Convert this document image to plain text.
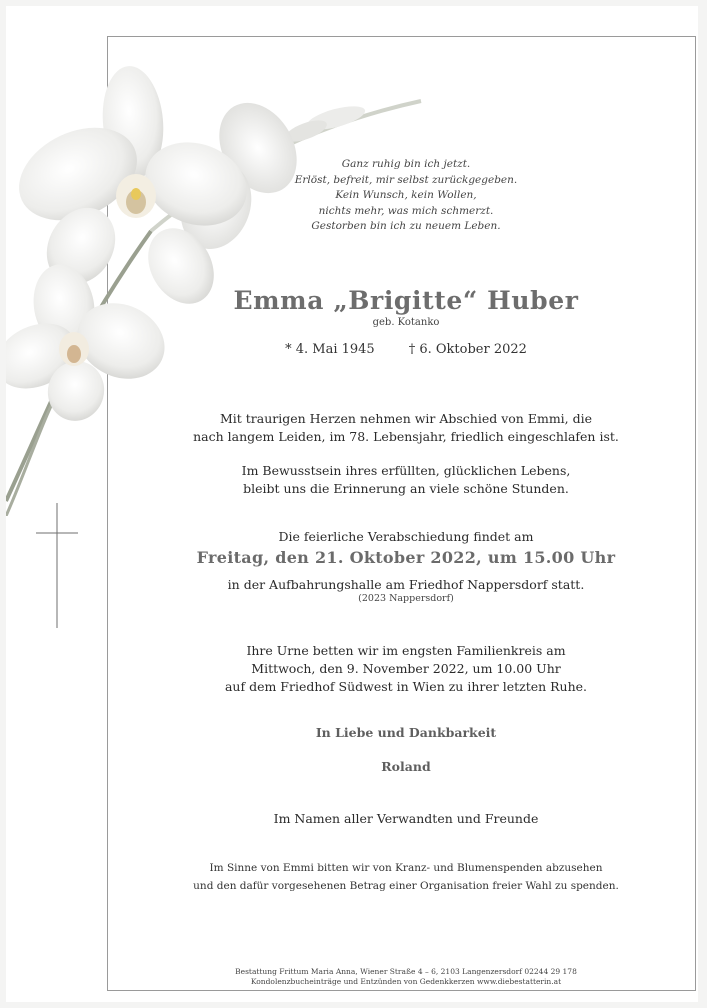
Ganz ruhig bin ich jetzt.
Erlöst, befreit, mir selbst zurückgegeben.
Kein Wunsch, kein Wollen,
nichts mehr, was mich schmerzt.
Gestorben bin ich zu neuem Leben.
Emma „Brigitte“ Huber
geb. Kotanko
* 4. Mai 1945	† 6. Oktober 2022
Mit traurigen Herzen nehmen wir Abschied von Emmi, die
nach langem Leiden, im 78. Lebensjahr, friedlich eingeschlafen ist.
Im Bewusstsein ihres erfüllten, glücklichen Lebens,
bleibt uns die Erinnerung an viele schöne Stunden.
Die feierliche Verabschiedung findet am
Freitag, den 21. Oktober 2022, um 15.00 Uhr
in der Aufbahrungshalle am Friedhof Nappersdorf statt.
(2023 Nappersdorf)
Ihre Urne betten wir im engsten Familienkreis am
Mittwoch, den 9. November 2022, um 10.00 Uhr
auf dem Friedhof Südwest in Wien zu ihrer letzten Ruhe.
In Liebe und Dankbarkeit
Roland
Im Namen aller Verwandten und Freunde
Im Sinne von Emmi bitten wir von Kranz- und Blumenspenden abzusehen
und den dafür vorgesehenen Betrag einer Organisation freier Wahl zu spenden.
Bestattung Frittum Maria Anna, Wiener Straße 4 – 6, 2103 Langenzersdorf 02244 29 178
Kondolenzbucheinträge und Entzünden von Gedenkkerzen www.diebestatterin.at
